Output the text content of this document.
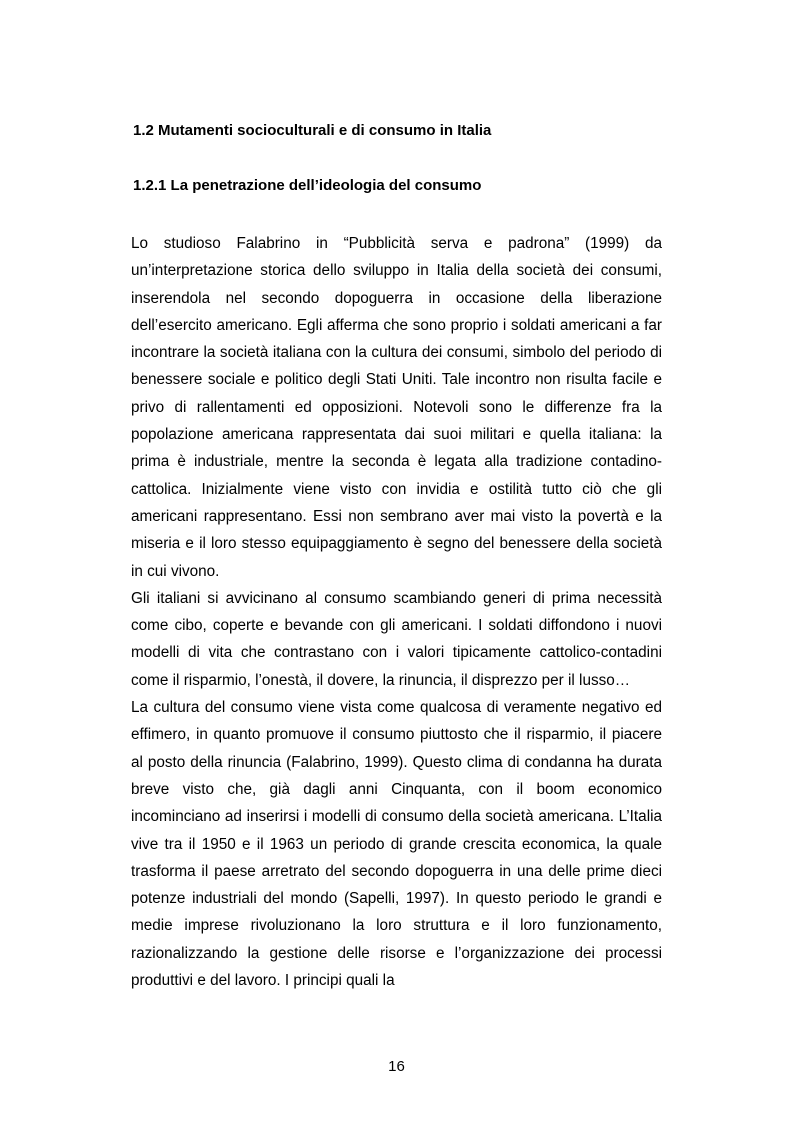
1.2 Mutamenti socioculturali e di consumo in Italia
1.2.1 La penetrazione dell’ideologia del consumo

Lo studioso Falabrino in “Pubblicità serva e padrona” (1999) da un’interpretazione storica dello sviluppo in Italia della società dei consumi, inserendola nel secondo dopoguerra in occasione della liberazione dell’esercito americano. Egli afferma che sono proprio i soldati americani a far incontrare la società italiana con la cultura dei consumi, simbolo del periodo di benessere sociale e politico degli Stati Uniti. Tale incontro non risulta facile e privo di rallentamenti ed opposizioni. Notevoli sono le differenze fra la popolazione americana rappresentata dai suoi militari e quella italiana: la prima è industriale, mentre la seconda è legata alla tradizione contadino-cattolica. Inizialmente viene visto con invidia e ostilità tutto ciò che gli americani rappresentano. Essi non sembrano aver mai visto la povertà e la miseria e il loro stesso equipaggiamento è segno del benessere della società in cui vivono.

Gli italiani si avvicinano al consumo scambiando generi di prima necessità come cibo, coperte e bevande con gli americani. I soldati diffondono i nuovi modelli di vita che contrastano con i valori tipicamente cattolico-contadini come il risparmio, l’onestà, il dovere, la rinuncia, il disprezzo per il lusso…

La cultura del consumo viene vista come qualcosa di veramente negativo ed effimero, in quanto promuove il consumo piuttosto che il risparmio, il piacere al posto della rinuncia (Falabrino, 1999). Questo clima di condanna ha durata breve visto che, già dagli anni Cinquanta, con il boom economico incominciano ad inserirsi i modelli di consumo della società americana. L’Italia vive tra il 1950 e il 1963 un periodo di grande crescita economica, la quale trasforma il paese arretrato del secondo dopoguerra in una delle prime dieci potenze industriali del mondo (Sapelli, 1997). In questo periodo le grandi e medie imprese rivoluzionano la loro struttura e il loro funzionamento, razionalizzando la gestione delle risorse e l’organizzazione dei processi produttivi e del lavoro. I principi quali la

16
